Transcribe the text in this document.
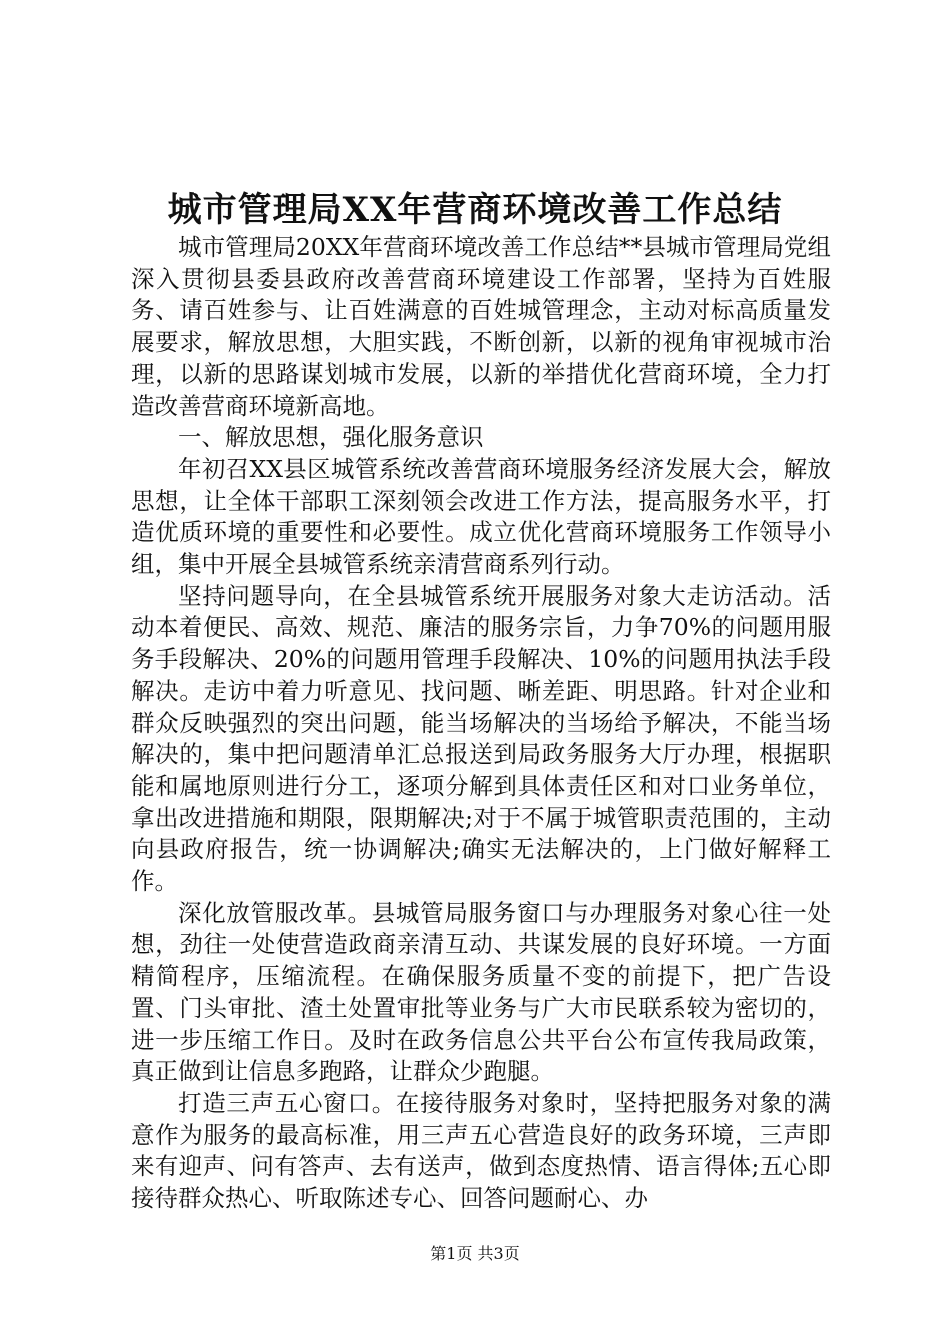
城市管理局XX年营商环境改善工作总结

城市管理局20XX年营商环境改善工作总结**县城市管理局党组深入贯彻县委县政府改善营商环境建设工作部署，坚持为百姓服务、请百姓参与、让百姓满意的百姓城管理念，主动对标高质量发展要求，解放思想，大胆实践，不断创新，以新的视角审视城市治理，以新的思路谋划城市发展，以新的举措优化营商环境，全力打造改善营商环境新高地。

一、解放思想，强化服务意识

年初召XX县区城管系统改善营商环境服务经济发展大会，解放思想，让全体干部职工深刻领会改进工作方法，提高服务水平，打造优质环境的重要性和必要性。成立优化营商环境服务工作领导小组，集中开展全县城管系统亲清营商系列行动。

坚持问题导向，在全县城管系统开展服务对象大走访活动。活动本着便民、高效、规范、廉洁的服务宗旨，力争70%的问题用服务手段解决、20%的问题用管理手段解决、10%的问题用执法手段解决。走访中着力听意见、找问题、晰差距、明思路。针对企业和群众反映强烈的突出问题，能当场解决的当场给予解决，不能当场解决的，集中把问题清单汇总报送到局政务服务大厅办理，根据职能和属地原则进行分工，逐项分解到具体责任区和对口业务单位，拿出改进措施和期限，限期解决;对于不属于城管职责范围的，主动向县政府报告，统一协调解决;确实无法解决的，上门做好解释工作。

深化放管服改革。县城管局服务窗口与办理服务对象心往一处想，劲往一处使营造政商亲清互动、共谋发展的良好环境。一方面精简程序，压缩流程。在确保服务质量不变的前提下，把广告设置、门头审批、渣土处置审批等业务与广大市民联系较为密切的，进一步压缩工作日。及时在政务信息公共平台公布宣传我局政策，真正做到让信息多跑路，让群众少跑腿。

打造三声五心窗口。在接待服务对象时，坚持把服务对象的满意作为服务的最高标准，用三声五心营造良好的政务环境，三声即来有迎声、问有答声、去有送声，做到态度热情、语言得体;五心即接待群众热心、听取陈述专心、回答问题耐心、办

第1页 共3页
